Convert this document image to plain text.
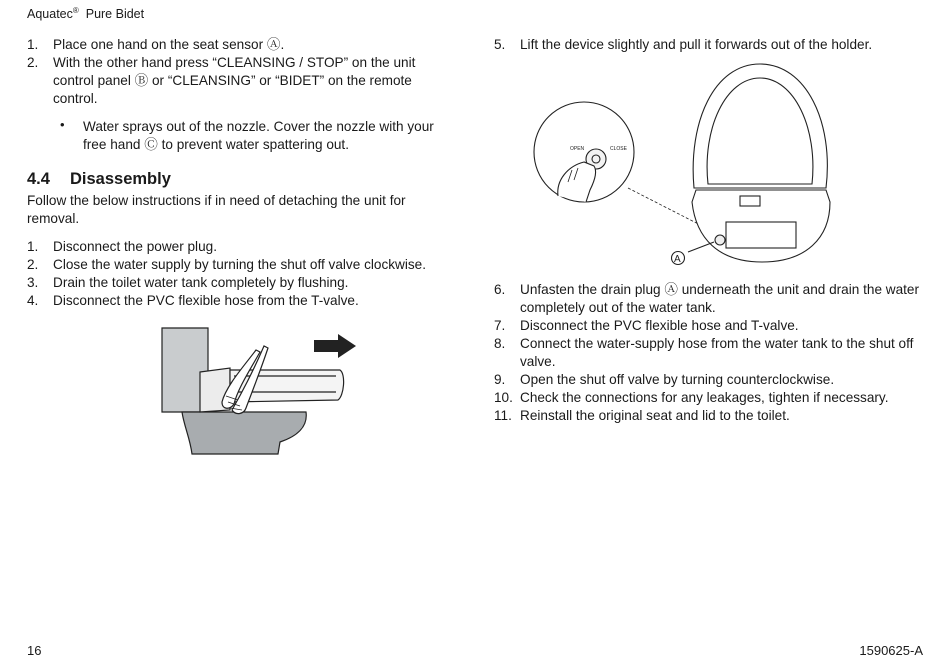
Aquatec® Pure Bidet
1. Place one hand on the seat sensor Ⓐ.
2. With the other hand press “CLEANSING / STOP” on the unit control panel Ⓑ or “CLEANSING” or “BIDET” on the remote control.
• Water sprays out of the nozzle. Cover the nozzle with your free hand Ⓒ to prevent water spattering out.
4.4 Disassembly

Follow the below instructions if in need of detaching the unit for removal.

1. Disconnect the power plug.
2. Close the water supply by turning the shut off valve clockwise.
3. Drain the toilet water tank completely by flushing.
4. Disconnect the PVC flexible hose from the T-valve.
5. Lift the device slightly and pull it forwards out of the holder.
OPEN	CLOSE
A
6. Unfasten the drain plug Ⓐ underneath the unit and drain the water completely out of the water tank.
7. Disconnect the PVC flexible hose and T-valve.
8. Connect the water-supply hose from the water tank to the shut off valve.
9. Open the shut off valve by turning counterclockwise.
10. Check the connections for any leakages, tighten if necessary.
11. Reinstall the original seat and lid to the toilet.
16	1590625-A
